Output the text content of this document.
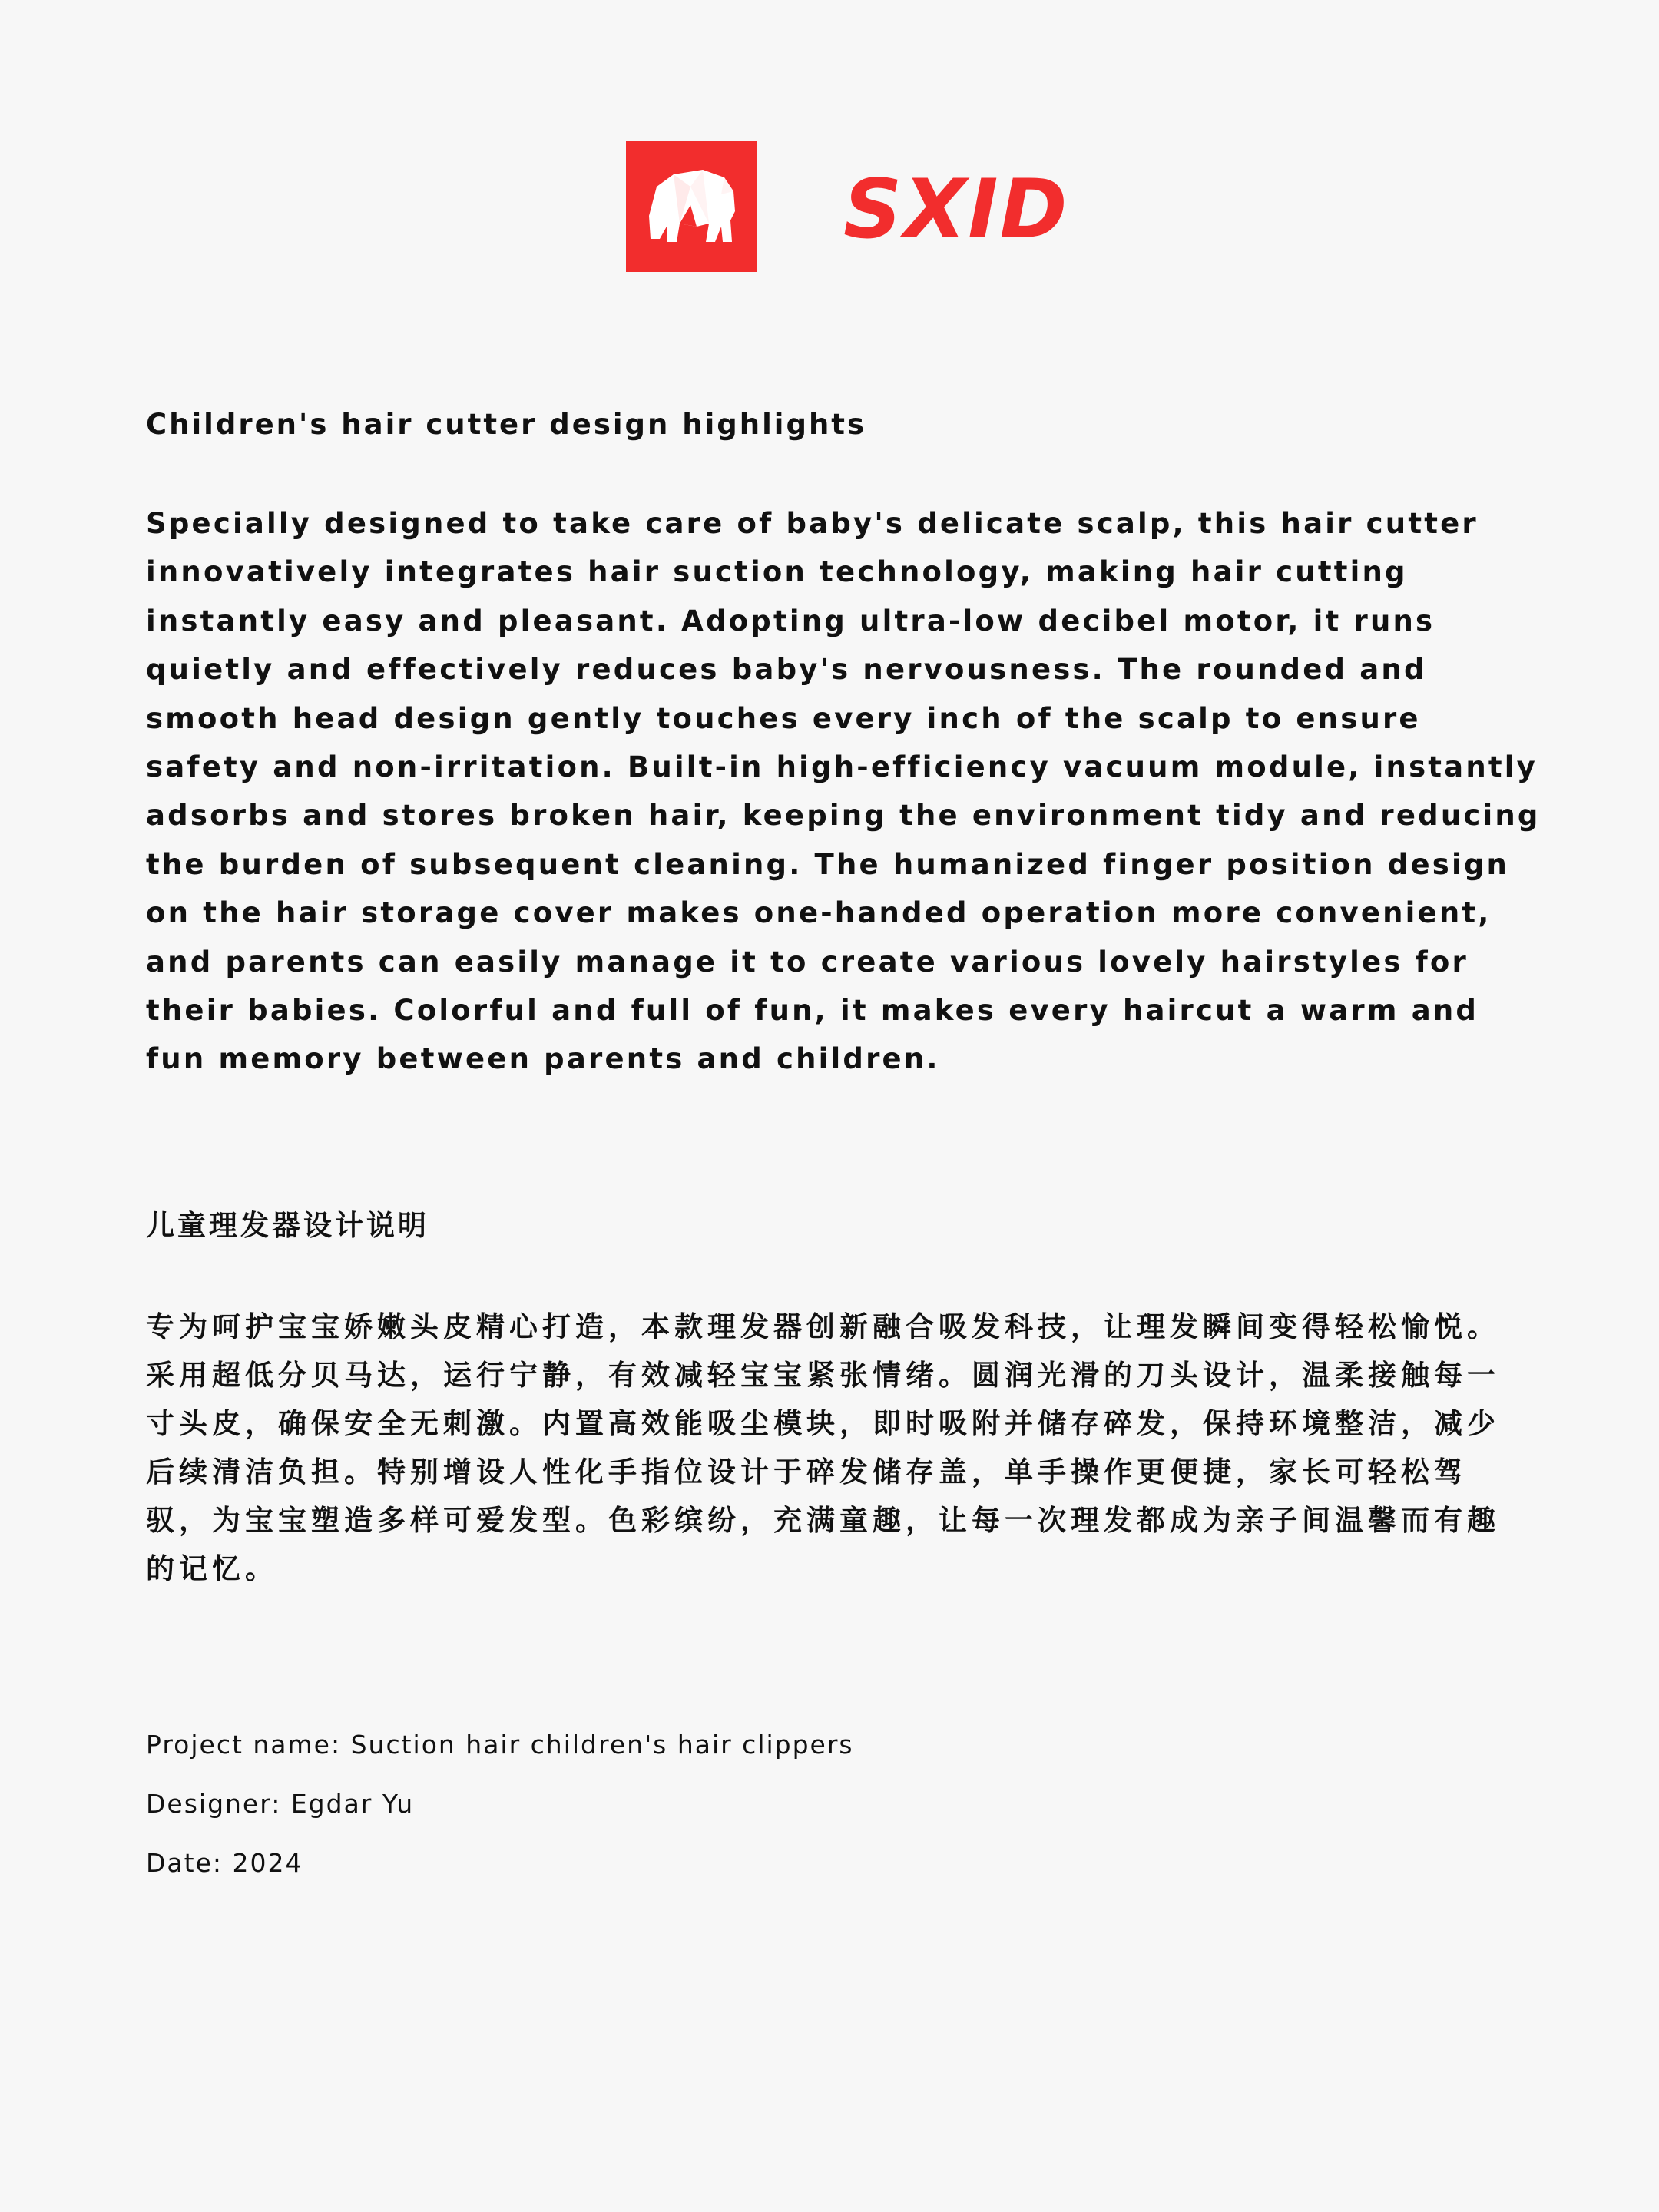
SXID
Children's hair cutter design highlights

Specially designed to take care of baby's delicate scalp, this hair cutter innovatively integrates hair suction technology, making hair cutting instantly easy and pleasant. Adopting ultra-low decibel motor, it runs quietly and effectively reduces baby's nervousness. The rounded and smooth head design gently touches every inch of the scalp to ensure safety and non-irritation. Built-in high-efficiency vacuum module, instantly adsorbs and stores broken hair, keeping the environment tidy and reducing the burden of subsequent cleaning. The humanized finger position design on the hair storage cover makes one-handed operation more convenient, and parents can easily manage it to create various lovely hairstyles for their babies. Colorful and full of fun, it makes every haircut a warm and fun memory between parents and children.

儿童理发器设计说明

专为呵护宝宝娇嫩头皮精心打造，本款理发器创新融合吸发科技，让理发瞬间变得轻松愉悦。采用超低分贝马达，运行宁静，有效减轻宝宝紧张情绪。圆润光滑的刀头设计，温柔接触每一寸头皮，确保安全无刺激。内置高效能吸尘模块，即时吸附并储存碎发，保持环境整洁，减少后续清洁负担。特别增设人性化手指位设计于碎发储存盖，单手操作更便捷，家长可轻松驾驭，为宝宝塑造多样可爱发型。色彩缤纷，充满童趣，让每一次理发都成为亲子间温馨而有趣的记忆。

Project name: Suction hair children's hair clippers

Designer: Egdar Yu

Date: 2024
